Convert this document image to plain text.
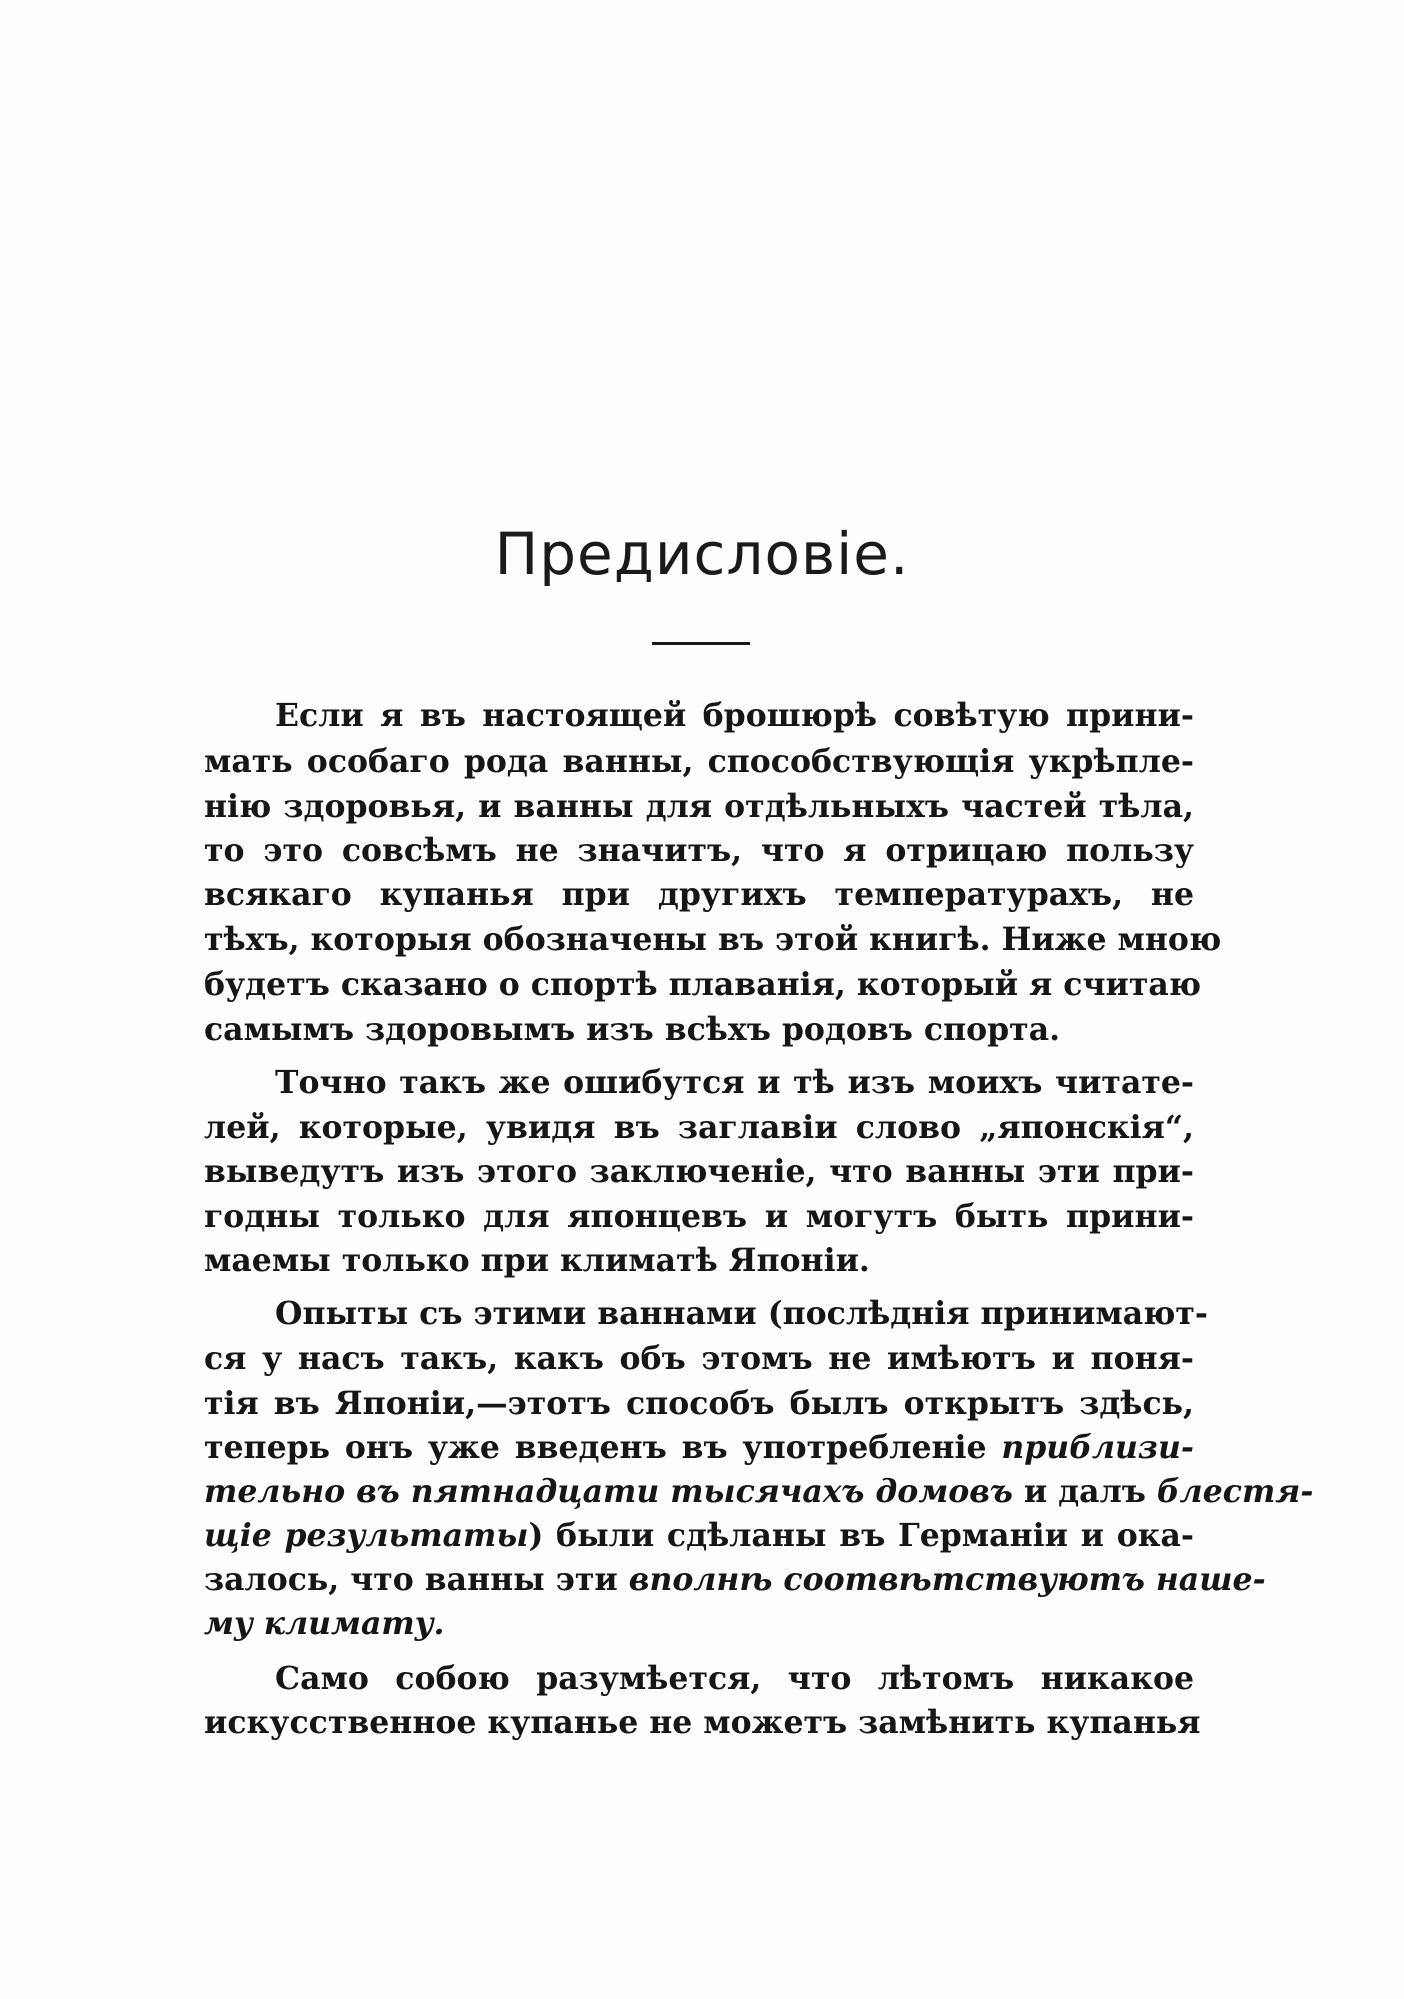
Предисловіе.
Если я въ настоящей брошюрѣ совѣтую прини-
мать особаго рода ванны, способствующія укрѣпле-
нію здоровья, и ванны для отдѣльныхъ частей тѣла,
то это совсѣмъ не значитъ, что я отрицаю пользу
всякаго купанья при другихъ температурахъ, не
тѣхъ, которыя обозначены въ этой книгѣ. Ниже мною
будетъ сказано о спортѣ плаванія, который я считаю
самымъ здоровымъ изъ всѣхъ родовъ спорта.
Точно такъ же ошибутся и тѣ изъ моихъ читате-
лей, которые, увидя въ заглавіи слово „японскія“,
выведутъ изъ этого заключеніе, что ванны эти при-
годны только для японцевъ и могутъ быть прини-
маемы только при климатѣ Японіи.
Опыты съ этими ваннами (послѣднія принимают-
ся у насъ такъ, какъ объ этомъ не имѣютъ и поня-
тія въ Японіи,—этотъ способъ былъ открытъ здѣсь,
теперь онъ уже введенъ въ употребленіе приблизи-
тельно въ пятнадцати тысячахъ домовъ и далъ блестя-
щіе результаты) были сдѣланы въ Германіи и ока-
залось, что ванны эти вполнѣ соотвѣтствуютъ наше-
му климату.
Само собою разумѣется, что лѣтомъ никакое
искусственное купанье не можетъ замѣнить купанья
